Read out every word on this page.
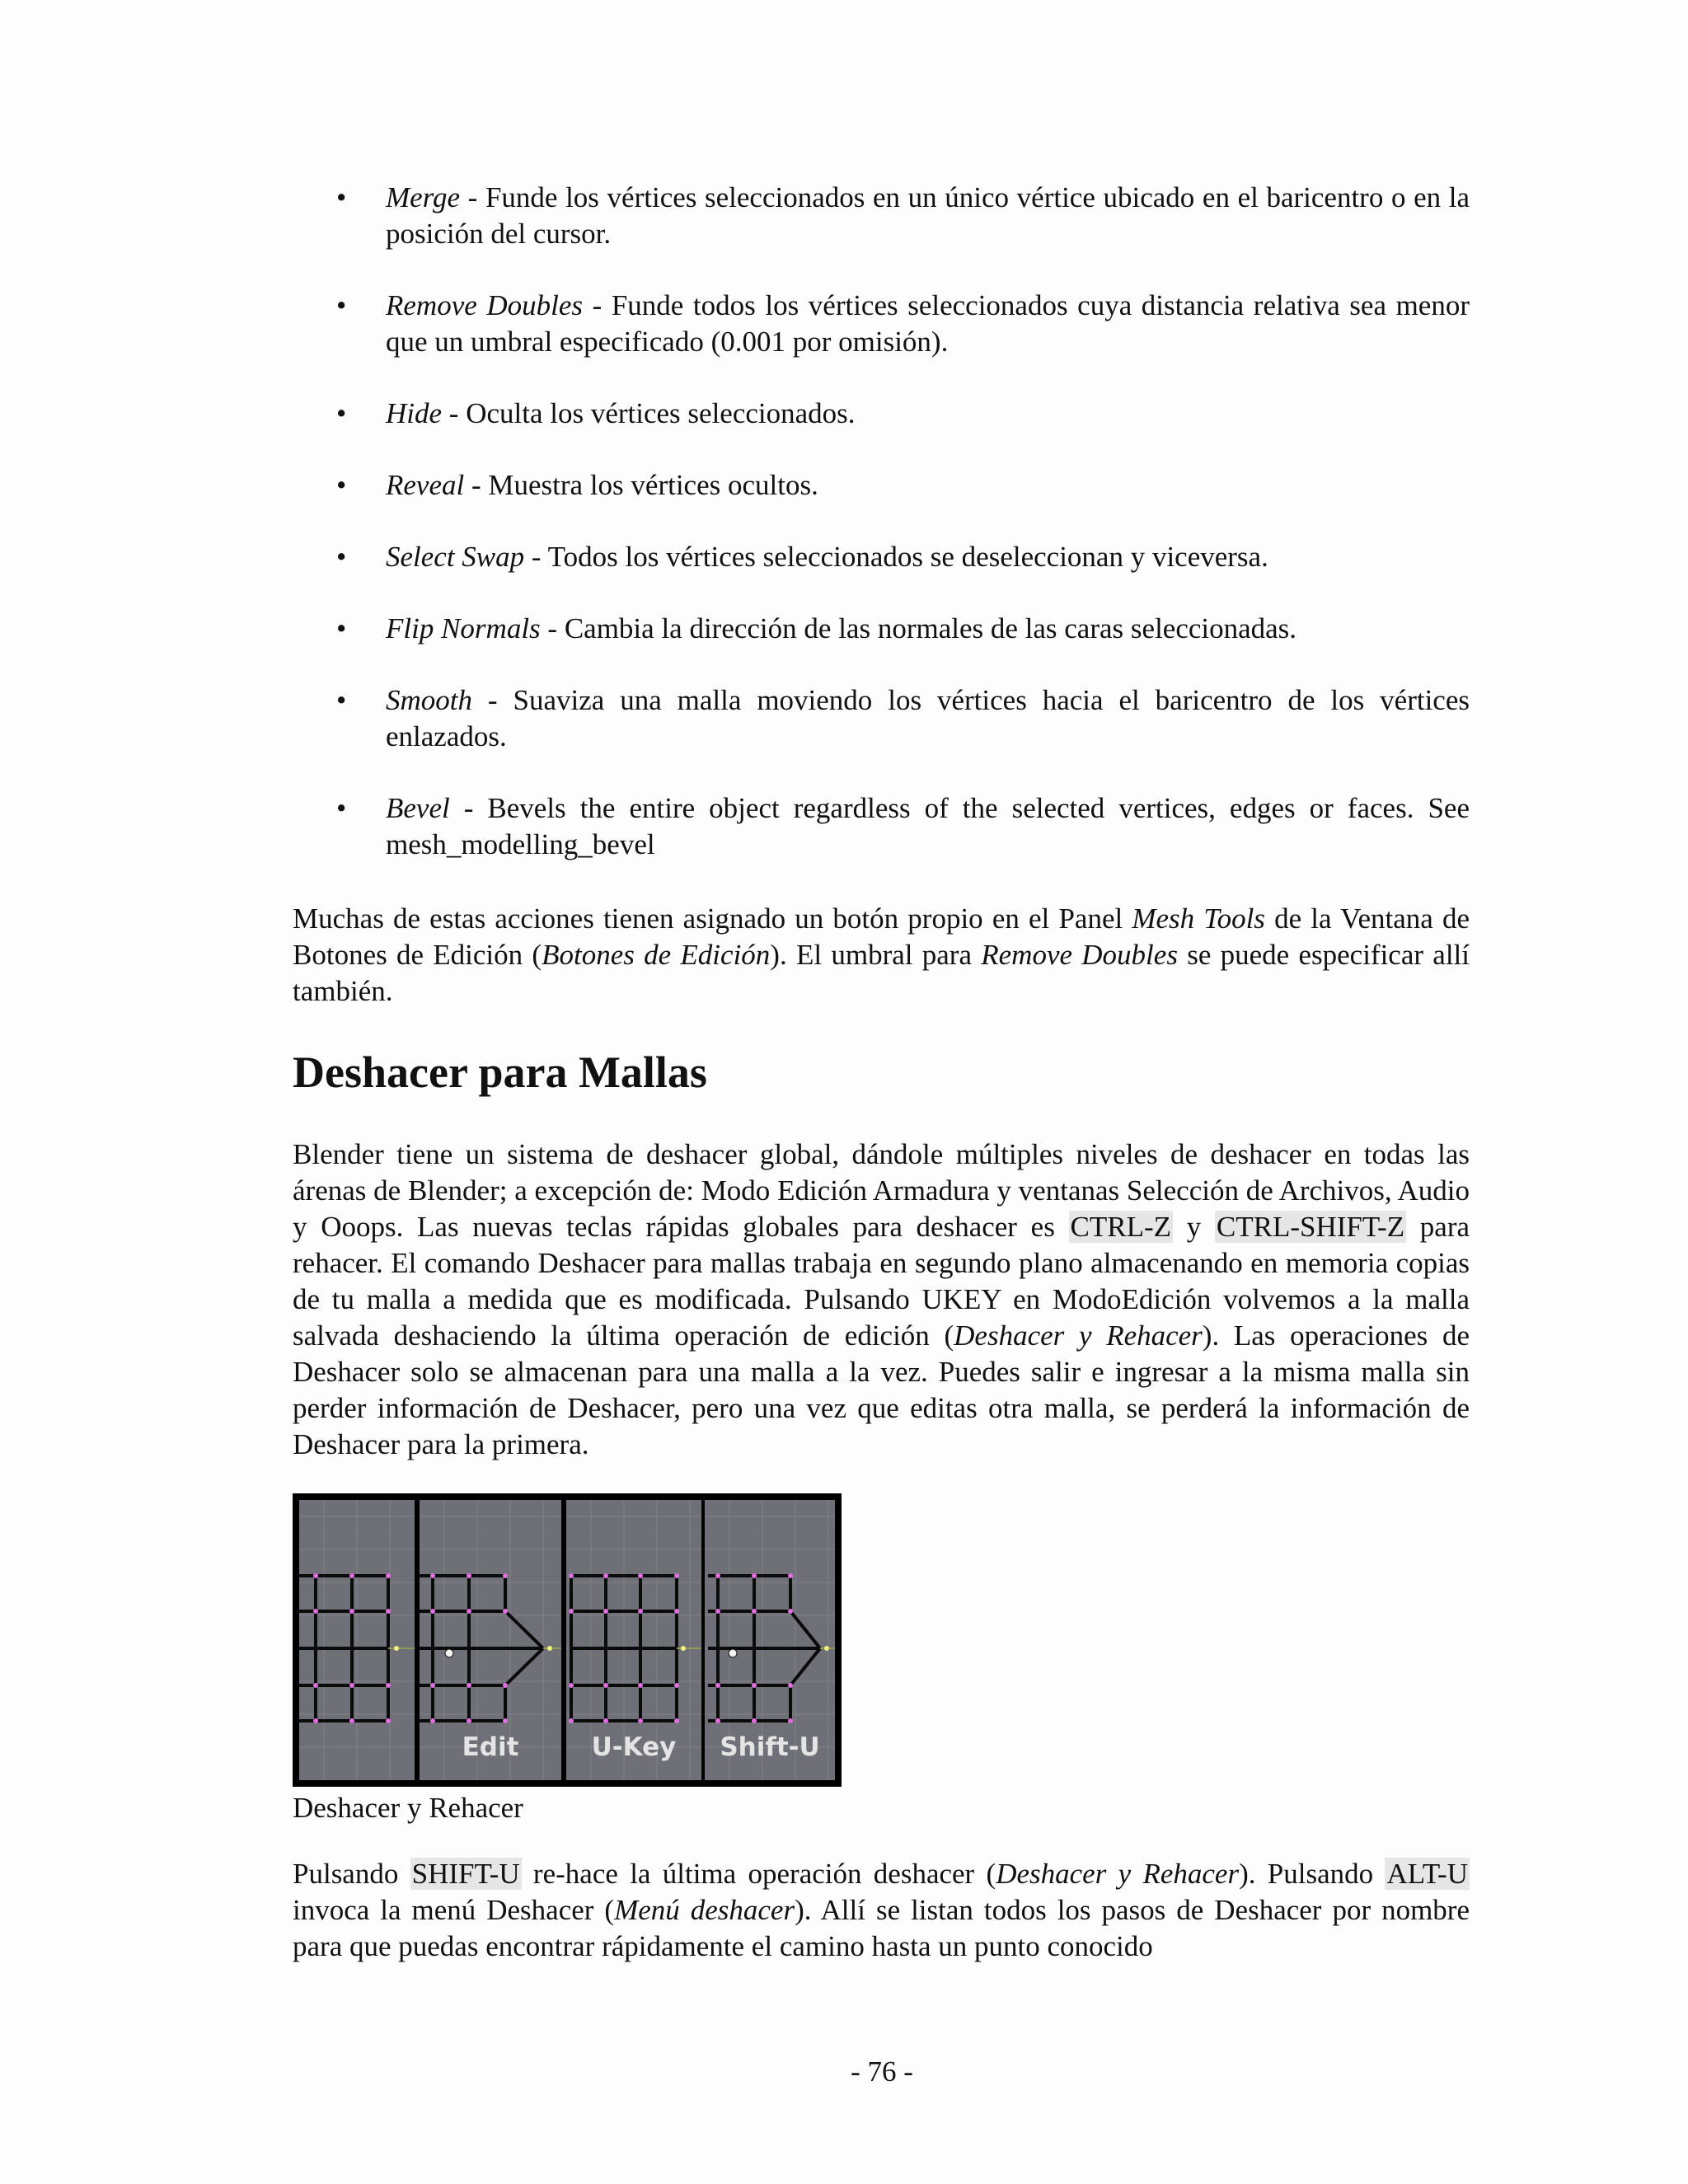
• Merge - Funde los vértices seleccionados en un único vértice ubicado en el baricentro o en la posición del cursor.
• Remove Doubles - Funde todos los vértices seleccionados cuya distancia relativa sea menor que un umbral especificado (0.001 por omisión).
• Hide - Oculta los vértices seleccionados.
• Reveal - Muestra los vértices ocultos.
• Select Swap - Todos los vértices seleccionados se deseleccionan y viceversa.
• Flip Normals - Cambia la dirección de las normales de las caras seleccionadas.
• Smooth - Suaviza una malla moviendo los vértices hacia el baricentro de los vértices enlazados.
• Bevel - Bevels the entire object regardless of the selected vertices, edges or faces. See mesh_modelling_bevel

Muchas de estas acciones tienen asignado un botón propio en el Panel Mesh Tools de la Ventana de Botones de Edición (Botones de Edición). El umbral para Remove Doubles se puede especificar allí también.

Deshacer para Mallas

Blender tiene un sistema de deshacer global, dándole múltiples niveles de deshacer en todas las árenas de Blender; a excepción de: Modo Edición Armadura y ventanas Selección de Archivos, Audio y Ooops. Las nuevas teclas rápidas globales para deshacer es CTRL-Z y CTRL-SHIFT-Z para rehacer. El comando Deshacer para mallas trabaja en segundo plano almacenando en memoria copias de tu malla a medida que es modificada. Pulsando UKEY en ModoEdición volvemos a la malla salvada deshaciendo la última operación de edición (Deshacer y Rehacer). Las operaciones de Deshacer solo se almacenan para una malla a la vez. Puedes salir e ingresar a la misma malla sin perder información de Deshacer, pero una vez que editas otra malla, se perderá la información de Deshacer para la primera.

Edit	U-Key	Shift-U

Deshacer y Rehacer

Pulsando SHIFT-U re-hace la última operación deshacer (Deshacer y Rehacer). Pulsando ALT-U invoca la menú Deshacer (Menú deshacer). Allí se listan todos los pasos de Deshacer por nombre para que puedas encontrar rápidamente el camino hasta un punto conocido

- 76 -
